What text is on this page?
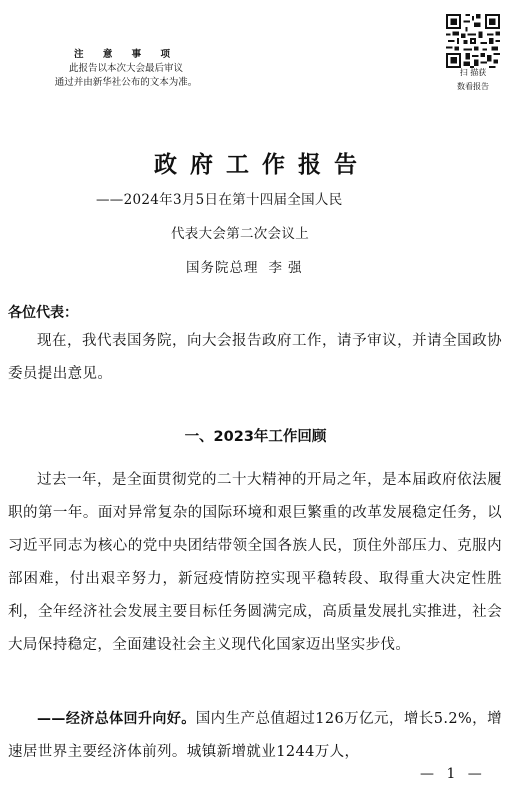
注 意 事 项
此报告以本次大会最后审议
通过并由新华社公布的文本为准。
扫 描获
数看报告
政府工作报告
——2024年3月5日在第十四届全国人民
代表大会第二次会议上
国务院总理 李强
各位代表：
现在，我代表国务院，向大会报告政府工作，请予审议，并请全国政协委员提出意见。
一、2023年工作回顾
过去一年，是全面贯彻党的二十大精神的开局之年，是本届政府依法履职的第一年。面对异常复杂的国际环境和艰巨繁重的改革发展稳定任务，以习近平同志为核心的党中央团结带领全国各族人民，顶住外部压力、克服内部困难，付出艰辛努力，新冠疫情防控实现平稳转段、取得重大决定性胜利，全年经济社会发展主要目标任务圆满完成，高质量发展扎实推进，社会大局保持稳定，全面建设社会主义现代化国家迈出坚实步伐。
——经济总体回升向好。国内生产总值超过126万亿元，增长5.2%，增速居世界主要经济体前列。城镇新增就业1244万人，
— 1 —
